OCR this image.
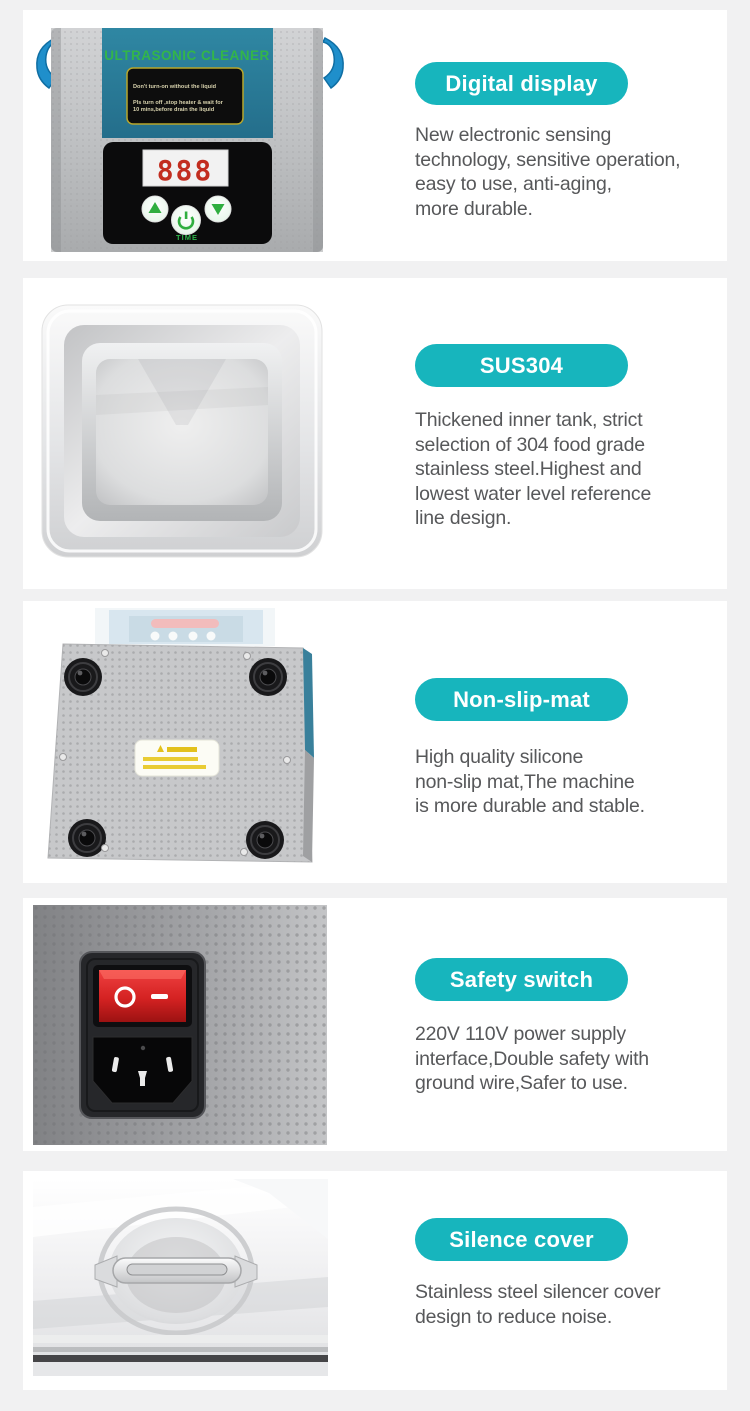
ULTRASONIC CLEANER
Don't turn-on without the liquid
Pls turn off ,stop heater & wait for
10 mins,before drain the liquid
888
TIME
Digital display
New electronic sensing
technology, sensitive operation,
easy to use, anti-aging,
more durable.
SUS304
Thickened inner tank, strict
selection of 304 food grade
stainless steel.Highest and
lowest water level reference
line design.
Non-slip-mat
High quality silicone
non-slip mat,The machine
is more durable and stable.
Safety switch
220V 110V power supply
interface,Double safety with
ground wire,Safer to use.
Silence cover
Stainless steel silencer cover
design to reduce noise.
